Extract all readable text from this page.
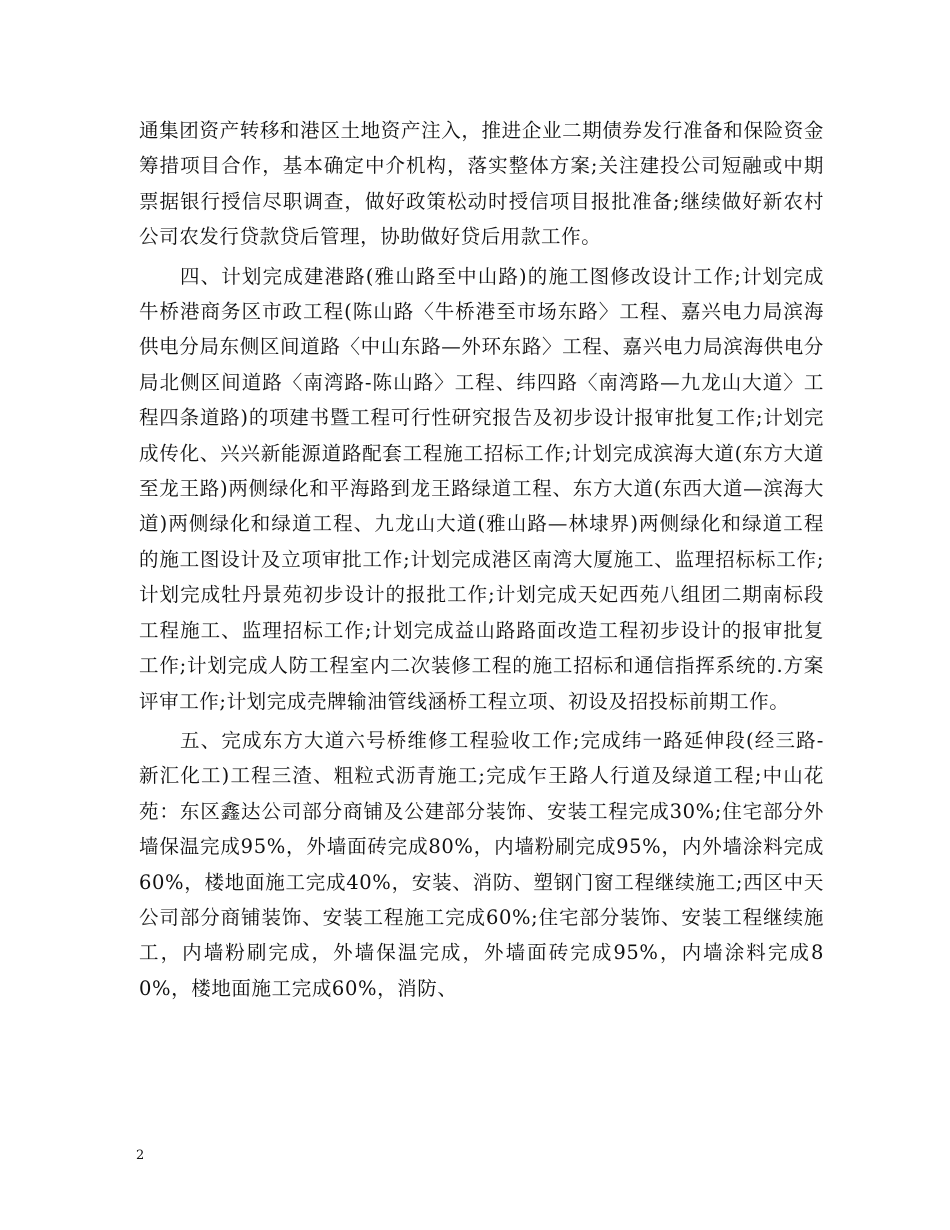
通集团资产转移和港区土地资产注入，推进企业二期债券发行准备和保险资金筹措项目合作，基本确定中介机构，落实整体方案;关注建投公司短融或中期票据银行授信尽职调查，做好政策松动时授信项目报批准备;继续做好新农村公司农发行贷款贷后管理，协助做好贷后用款工作。

四、计划完成建港路(雅山路至中山路)的施工图修改设计工作;计划完成牛桥港商务区市政工程(陈山路〈牛桥港至市场东路〉工程、嘉兴电力局滨海供电分局东侧区间道路〈中山东路—外环东路〉工程、嘉兴电力局滨海供电分局北侧区间道路〈南湾路-陈山路〉工程、纬四路〈南湾路—九龙山大道〉工程四条道路)的项建书暨工程可行性研究报告及初步设计报审批复工作;计划完成传化、兴兴新能源道路配套工程施工招标工作;计划完成滨海大道(东方大道至龙王路)两侧绿化和平海路到龙王路绿道工程、东方大道(东西大道—滨海大道)两侧绿化和绿道工程、九龙山大道(雅山路—林埭界)两侧绿化和绿道工程的施工图设计及立项审批工作;计划完成港区南湾大厦施工、监理招标标工作;计划完成牡丹景苑初步设计的报批工作;计划完成天妃西苑八组团二期南标段工程施工、监理招标工作;计划完成益山路路面改造工程初步设计的报审批复工作;计划完成人防工程室内二次装修工程的施工招标和通信指挥系统的.方案评审工作;计划完成壳牌输油管线涵桥工程立项、初设及招投标前期工作。

五、完成东方大道六号桥维修工程验收工作;完成纬一路延伸段(经三路-新汇化工)工程三渣、粗粒式沥青施工;完成乍王路人行道及绿道工程;中山花苑：东区鑫达公司部分商铺及公建部分装饰、安装工程完成30%;住宅部分外墙保温完成95%，外墙面砖完成80%，内墙粉刷完成95%，内外墙涂料完成 60%，楼地面施工完成40%，安装、消防、塑钢门窗工程继续施工;西区中天公司部分商铺装饰、安装工程施工完成60%;住宅部分装饰、安装工程继续施工，内墙粉刷完成，外墙保温完成，外墙面砖完成95%，内墙涂料完成80%，楼地面施工完成60%，消防、

2
